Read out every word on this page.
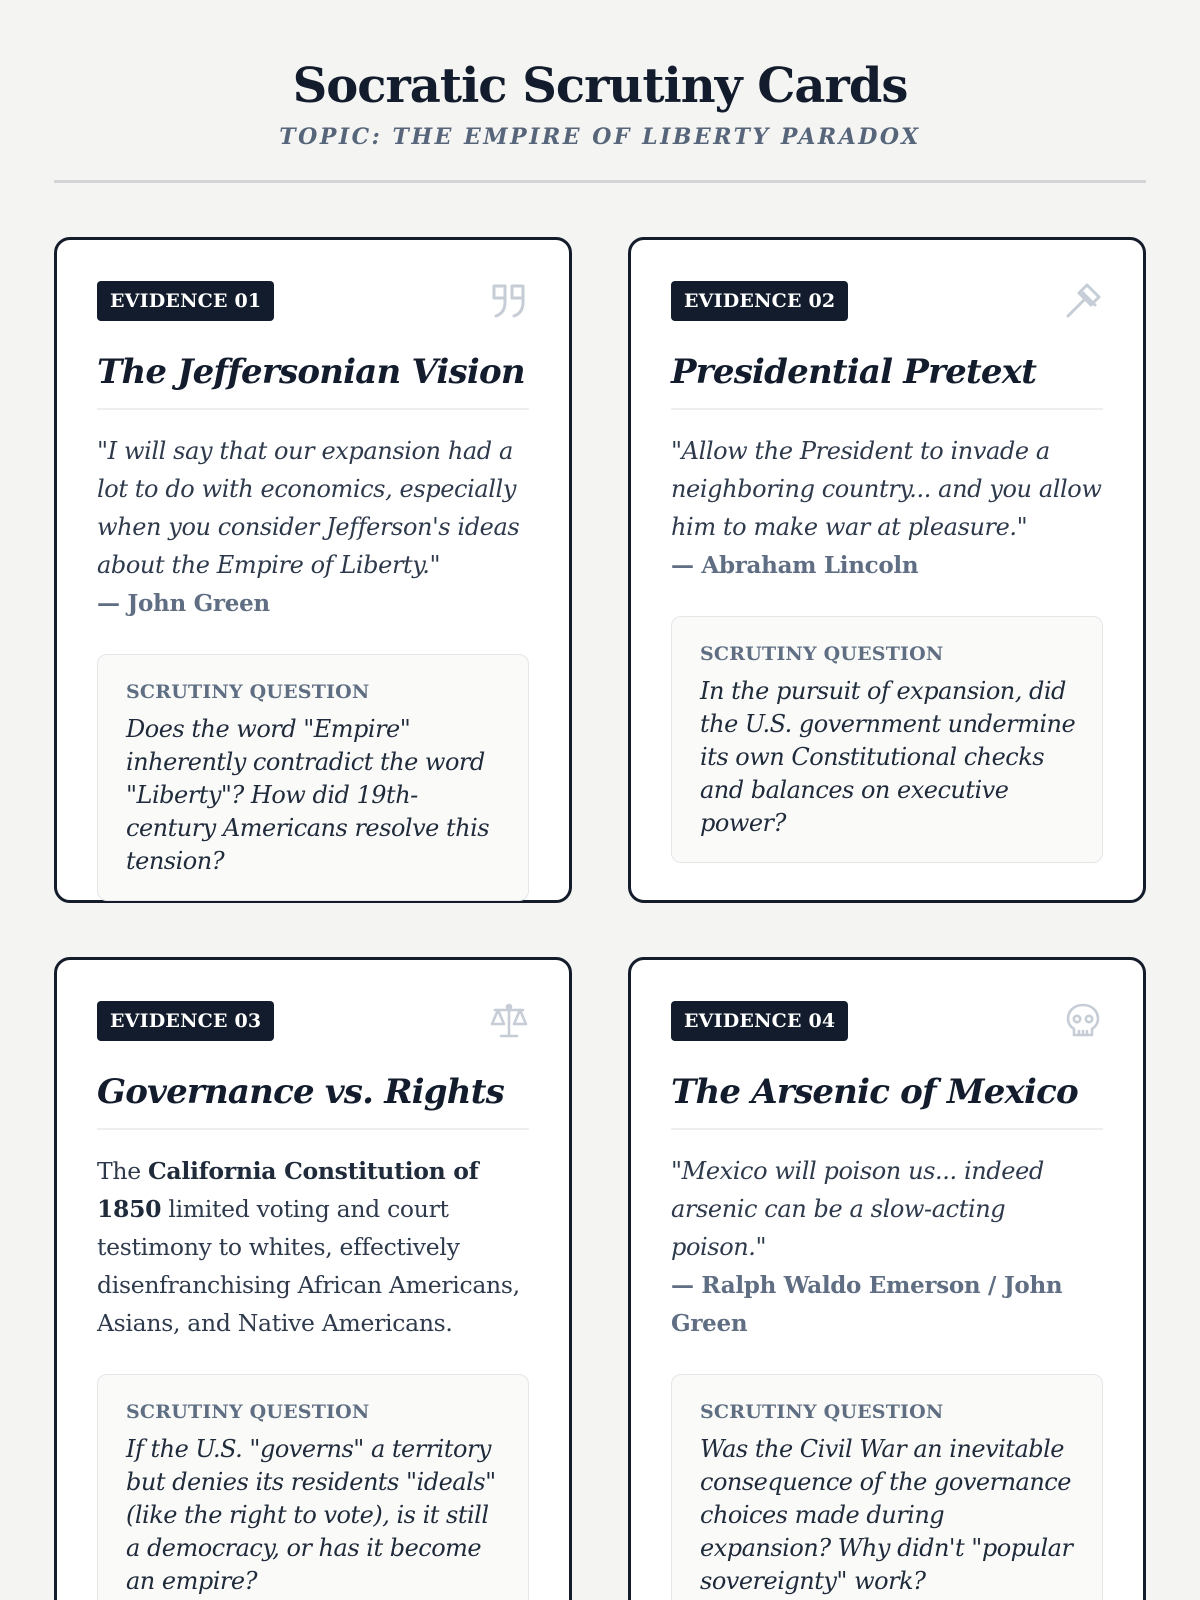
Socratic Scrutiny Cards
TOPIC: THE EMPIRE OF LIBERTY PARADOX
EVIDENCE 01
The Jeffersonian Vision
"I will say that our expansion had a lot to do with economics, especially when you consider Jefferson's ideas about the Empire of Liberty."
— John Green
SCRUTINY QUESTION
Does the word "Empire" inherently contradict the word "Liberty"? How did 19th-century Americans resolve this tension?
EVIDENCE 02
Presidential Pretext
"Allow the President to invade a neighboring country... and you allow him to make war at pleasure."
— Abraham Lincoln
SCRUTINY QUESTION
In the pursuit of expansion, did the U.S. government undermine its own Constitutional checks and balances on executive power?
EVIDENCE 03
Governance vs. Rights

The California Constitution of 1850 limited voting and court testimony to whites, effectively disenfranchising African Americans, Asians, and Native Americans.

SCRUTINY QUESTION
If the U.S. "governs" a territory but denies its residents "ideals" (like the right to vote), is it still a democracy, or has it become an empire?
EVIDENCE 04
The Arsenic of Mexico
"Mexico will poison us... indeed arsenic can be a slow-acting poison."
— Ralph Waldo Emerson / John Green
SCRUTINY QUESTION
Was the Civil War an inevitable consequence of the governance choices made during expansion? Why didn't "popular sovereignty" work?
